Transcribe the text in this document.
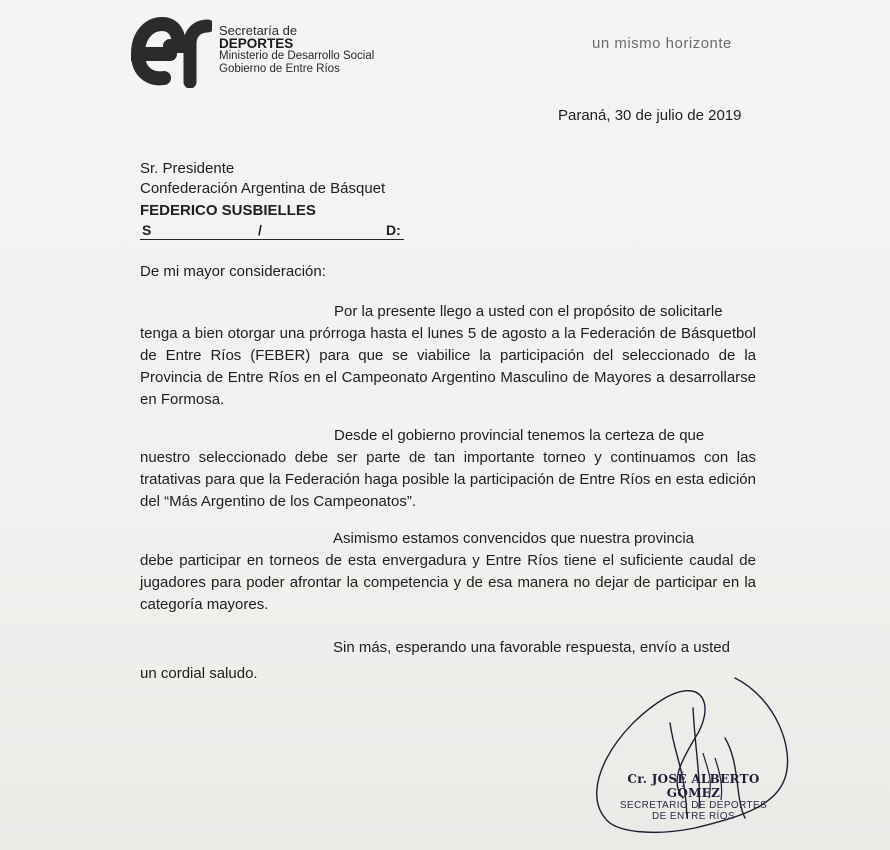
Secretaría de
DEPORTES
Ministerio de Desarrollo Social
Gobierno de Entre Ríos
un mismo horizonte
Paraná, 30 de julio de 2019
Sr. Presidente
Confederación Argentina de Básquet
FEDERICO SUSBIELLES
S	/	D:
De mi mayor consideración:
Por la presente llego a usted con el propósito de solicitarle
tenga a bien otorgar una prórroga hasta el lunes 5 de agosto a la Federación de Básquetbol de Entre Ríos (FEBER) para que se viabilice la participación del seleccionado de la Provincia de Entre Ríos en el Campeonato Argentino Masculino de Mayores a desarrollarse en Formosa.
Desde el gobierno provincial tenemos la certeza de que
nuestro seleccionado debe ser parte de tan importante torneo y continuamos con las tratativas para que la Federación haga posible la participación de Entre Ríos en esta edición del “Más Argentino de los Campeonatos”.
Asimismo estamos convencidos que nuestra provincia
debe participar en torneos de esta envergadura y Entre Ríos tiene el suficiente caudal de jugadores para poder afrontar la competencia y de esa manera no dejar de participar en la categoría mayores.
Sin más, esperando una favorable respuesta, envío a usted
un cordial saludo.
Cr. JOSÉ ALBERTO GÓMEZ
SECRETARIO DE DEPORTES
DE ENTRE RÍOS
